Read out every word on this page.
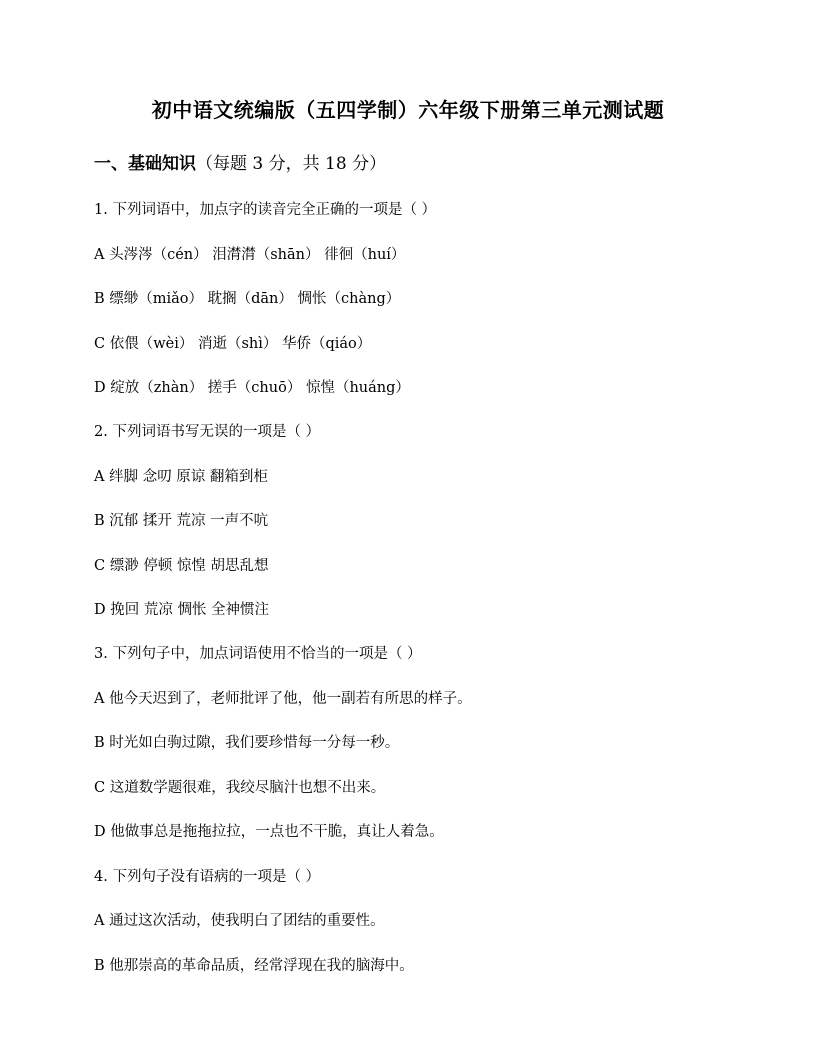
初中语文统编版（五四学制）六年级下册第三单元测试题
一、基础知识（每题 3 分，共 18 分）
1. 下列词语中，加点字的读音完全正确的一项是（ ）
A 头涔涔（cén） 泪潸潸（shān） 徘徊（huí）
B 缥缈（miǎo） 耽搁（dān） 惆怅（chàng）
C 依偎（wèi） 消逝（shì） 华侨（qiáo）
D 绽放（zhàn） 搓手（chuō） 惊惶（huáng）
2. 下列词语书写无误的一项是（ ）
A 绊脚 念叨 原谅 翻箱到柜
B 沉郁 揉开 荒凉 一声不吭
C 缥渺 停顿 惊惶 胡思乱想
D 挽回 荒凉 惆怅 全神惯注
3. 下列句子中，加点词语使用不恰当的一项是（ ）
A 他今天迟到了，老师批评了他，他一副若有所思的样子。
B 时光如白驹过隙，我们要珍惜每一分每一秒。
C 这道数学题很难，我绞尽脑汁也想不出来。
D 他做事总是拖拖拉拉，一点也不干脆，真让人着急。
4. 下列句子没有语病的一项是（ ）
A 通过这次活动，使我明白了团结的重要性。
B 他那崇高的革命品质，经常浮现在我的脑海中。
